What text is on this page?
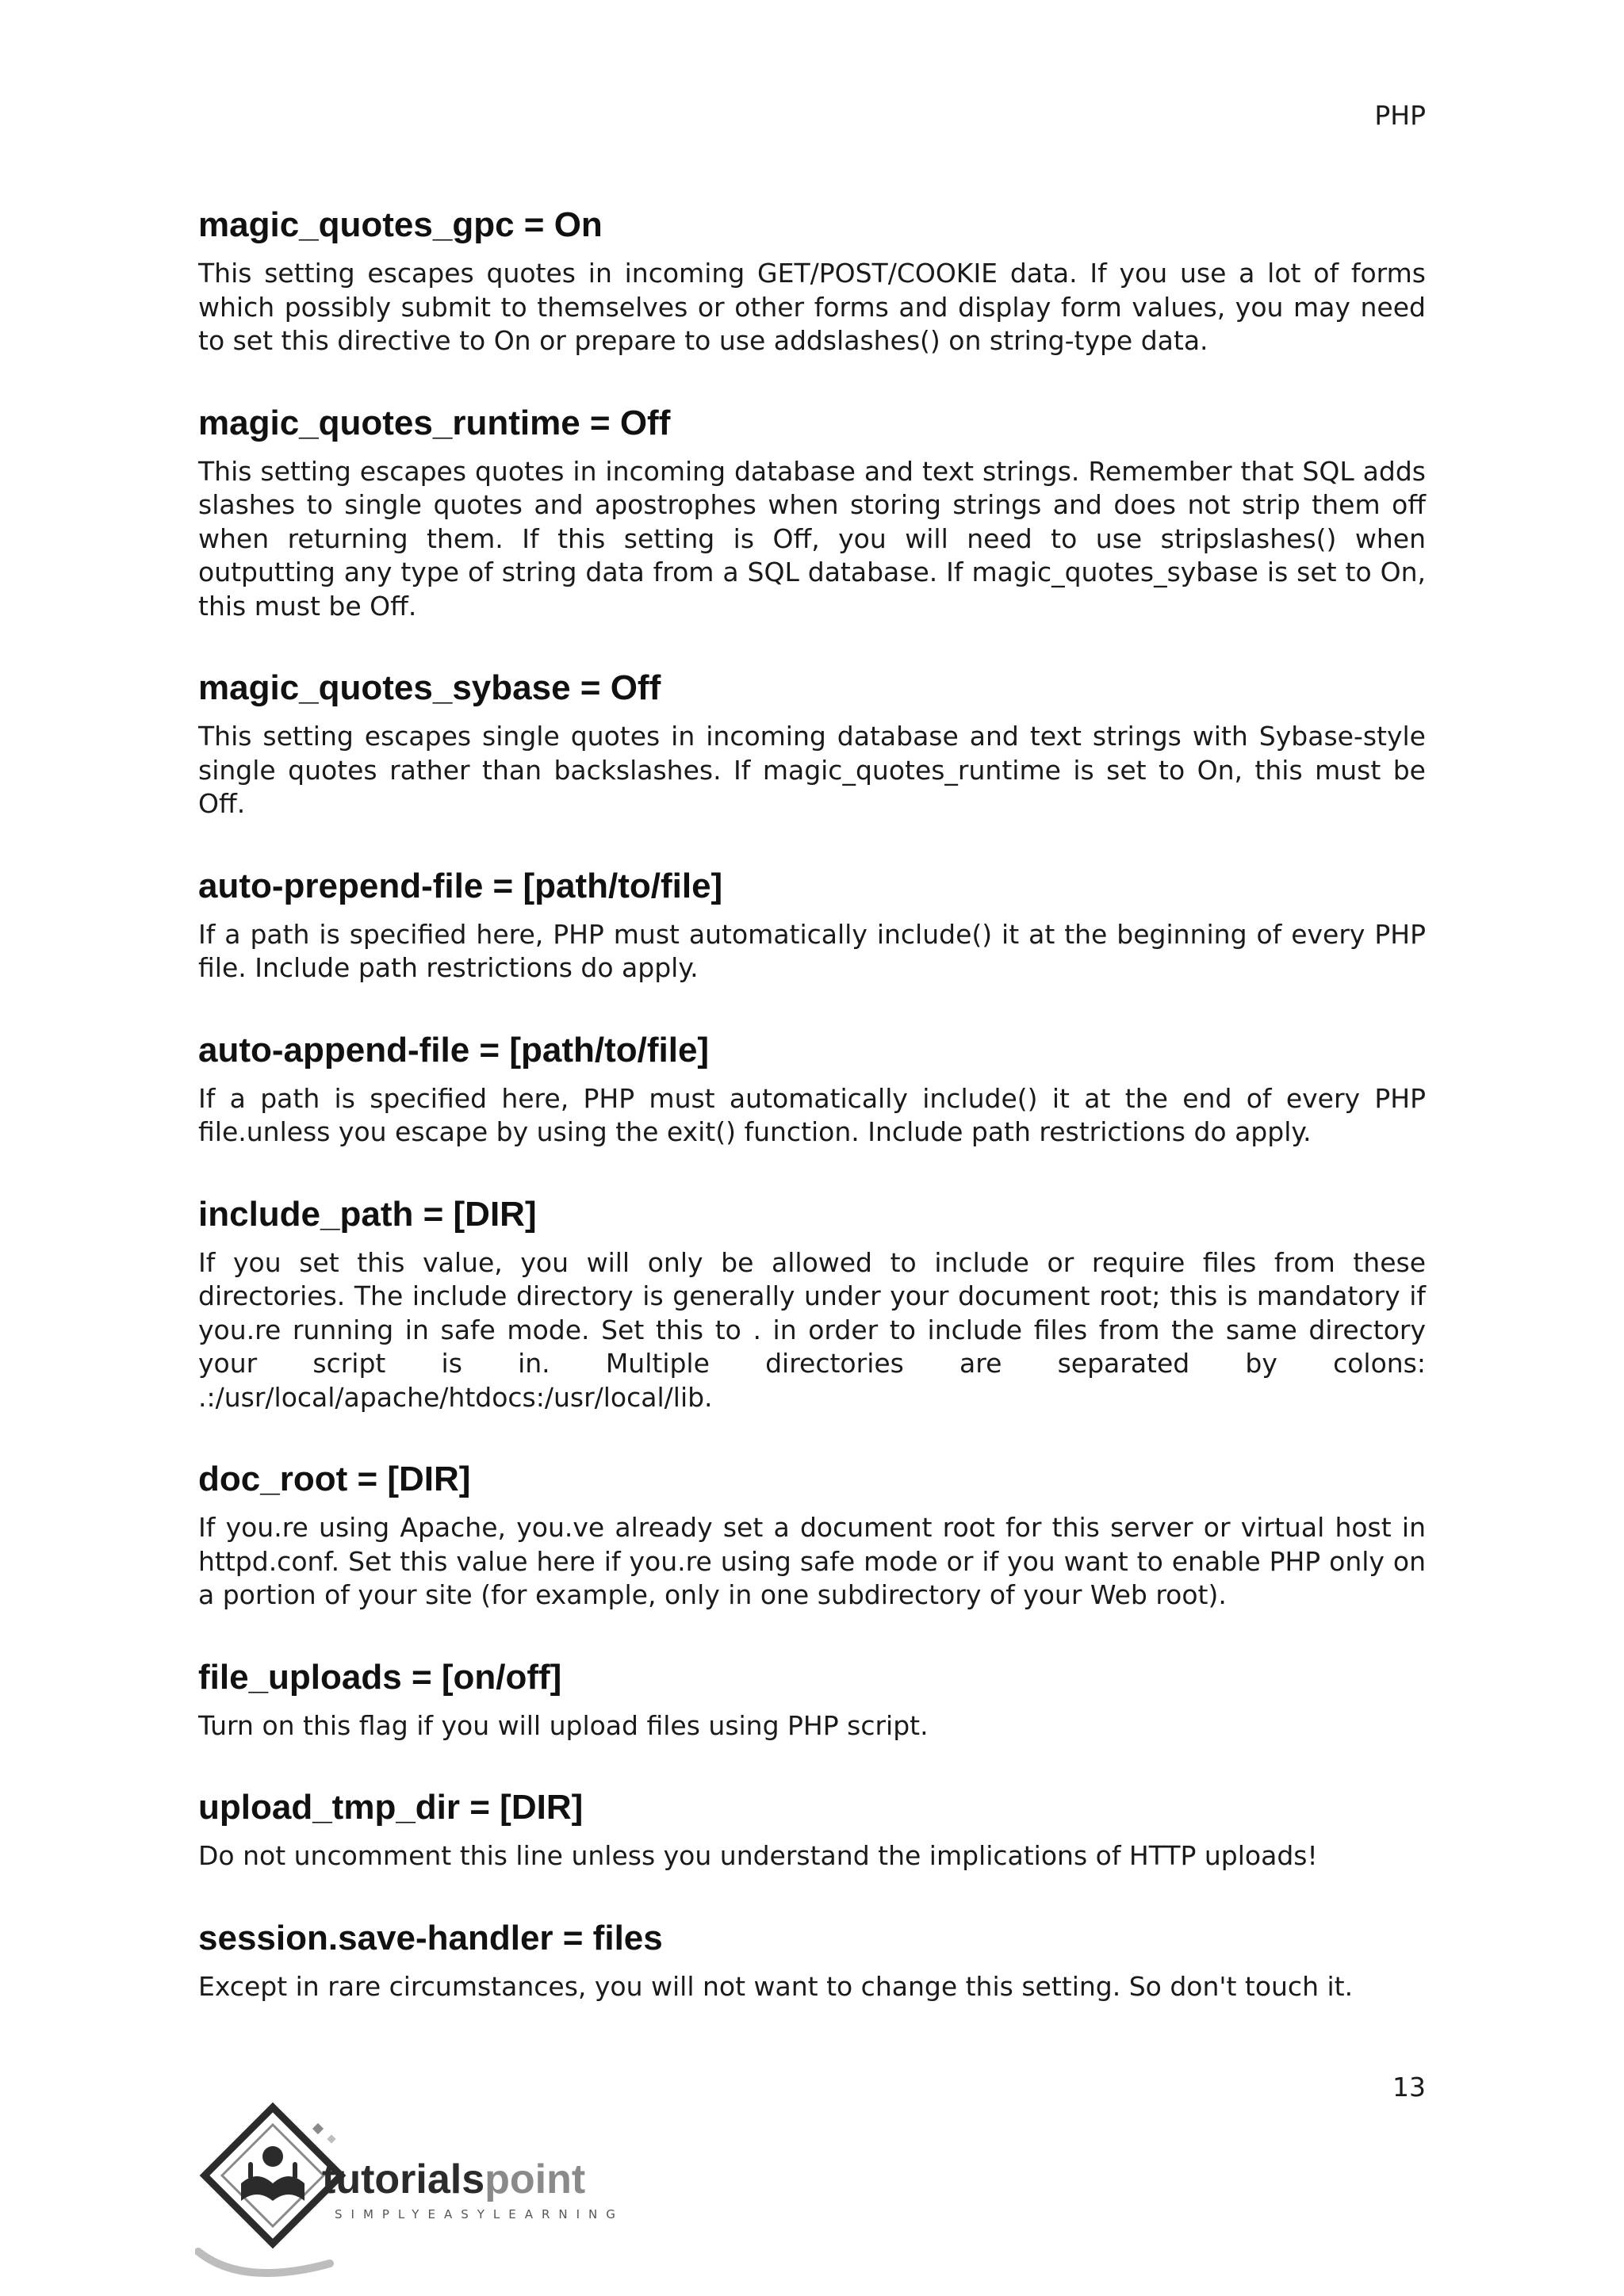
PHP
magic_quotes_gpc = On

This setting escapes quotes in incoming GET/POST/COOKIE data. If you use a lot of forms which possibly submit to themselves or other forms and display form values, you may need to set this directive to On or prepare to use addslashes() on string-type data.

magic_quotes_runtime = Off

This setting escapes quotes in incoming database and text strings. Remember that SQL adds slashes to single quotes and apostrophes when storing strings and does not strip them off when returning them. If this setting is Off, you will need to use stripslashes() when outputting any type of string data from a SQL database. If magic_quotes_sybase is set to On, this must be Off.

magic_quotes_sybase = Off

This setting escapes single quotes in incoming database and text strings with Sybase-style single quotes rather than backslashes. If magic_quotes_runtime is set to On, this must be Off.

auto-prepend-file = [path/to/file]

If a path is specified here, PHP must automatically include() it at the beginning of every PHP file. Include path restrictions do apply.

auto-append-file = [path/to/file]

If a path is specified here, PHP must automatically include() it at the end of every PHP file.unless you escape by using the exit() function. Include path restrictions do apply.

include_path = [DIR]

If you set this value, you will only be allowed to include or require files from these directories. The include directory is generally under your document root; this is mandatory if you.re running in safe mode. Set this to . in order to include files from the same directory your script is in. Multiple directories are separated by colons: .:/usr/local/apache/htdocs:/usr/local/lib.

doc_root = [DIR]

If you.re using Apache, you.ve already set a document root for this server or virtual host in httpd.conf. Set this value here if you.re using safe mode or if you want to enable PHP only on a portion of your site (for example, only in one subdirectory of your Web root).

file_uploads = [on/off]

Turn on this flag if you will upload files using PHP script.

upload_tmp_dir = [DIR]

Do not uncomment this line unless you understand the implications of HTTP uploads!

session.save-handler = files

Except in rare circumstances, you will not want to change this setting. So don't touch it.

13
tutorialspoint
SIMPLYEASYLEARNING
